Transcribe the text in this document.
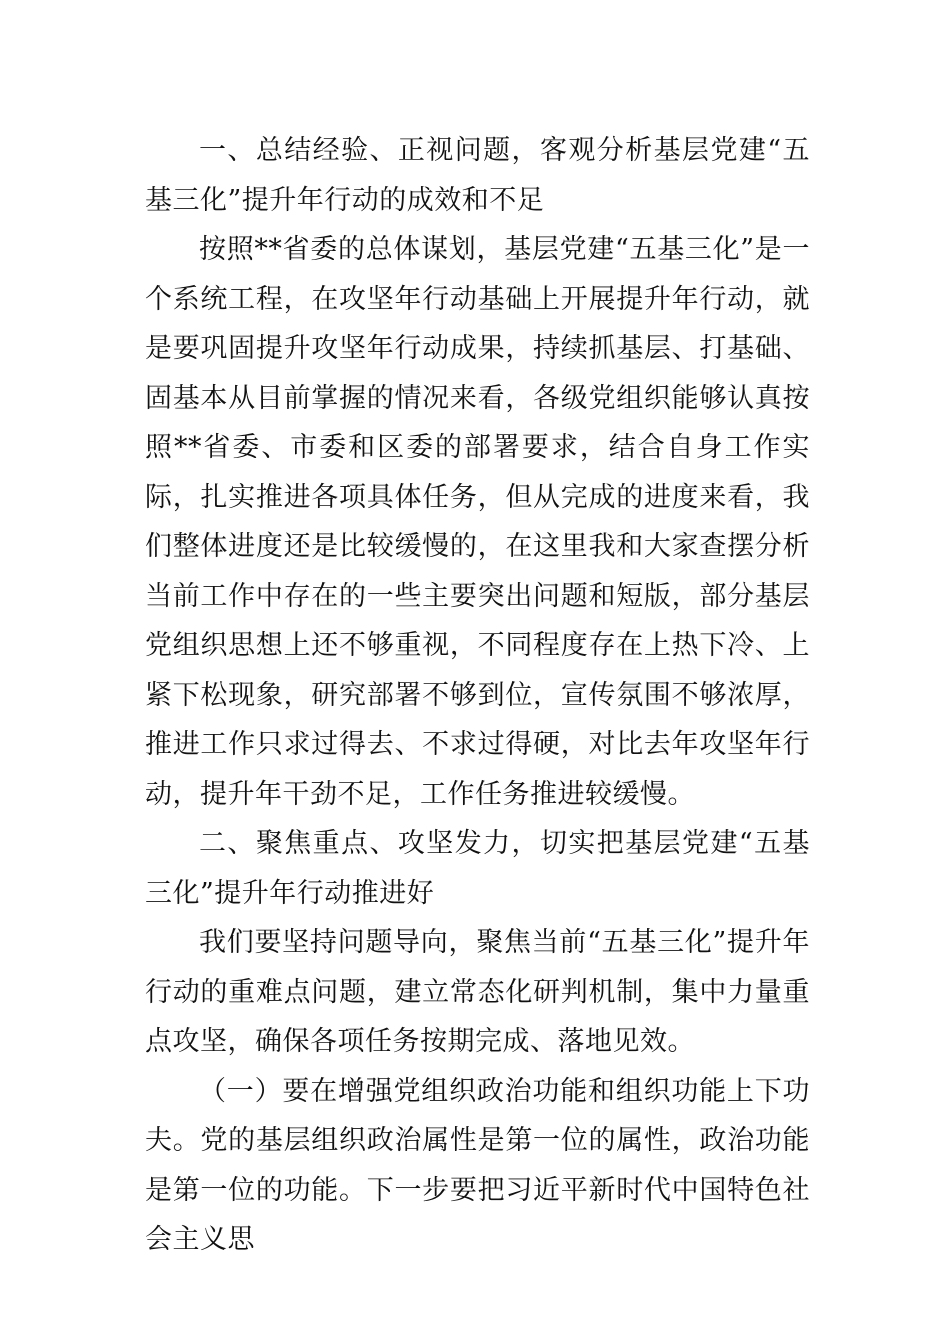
一、总结经验、正视问题，客观分析基层党建“五基三化”提升年行动的成效和不足

按照**省委的总体谋划，基层党建“五基三化”是一个系统工程，在攻坚年行动基础上开展提升年行动，就是要巩固提升攻坚年行动成果，持续抓基层、打基础、固基本从目前掌握的情况来看，各级党组织能够认真按照**省委、市委和区委的部署要求，结合自身工作实际，扎实推进各项具体任务，但从完成的进度来看，我们整体进度还是比较缓慢的，在这里我和大家查摆分析当前工作中存在的一些主要突出问题和短版，部分基层党组织思想上还不够重视，不同程度存在上热下冷、上紧下松现象，研究部署不够到位，宣传氛围不够浓厚，推进工作只求过得去、不求过得硬，对比去年攻坚年行动，提升年干劲不足，工作任务推进较缓慢。

二、聚焦重点、攻坚发力，切实把基层党建“五基三化”提升年行动推进好

我们要坚持问题导向，聚焦当前“五基三化”提升年行动的重难点问题，建立常态化研判机制，集中力量重点攻坚，确保各项任务按期完成、落地见效。

（一）要在增强党组织政治功能和组织功能上下功夫。党的基层组织政治属性是第一位的属性，政治功能是第一位的功能。下一步要把习近平新时代中国特色社会主义思
